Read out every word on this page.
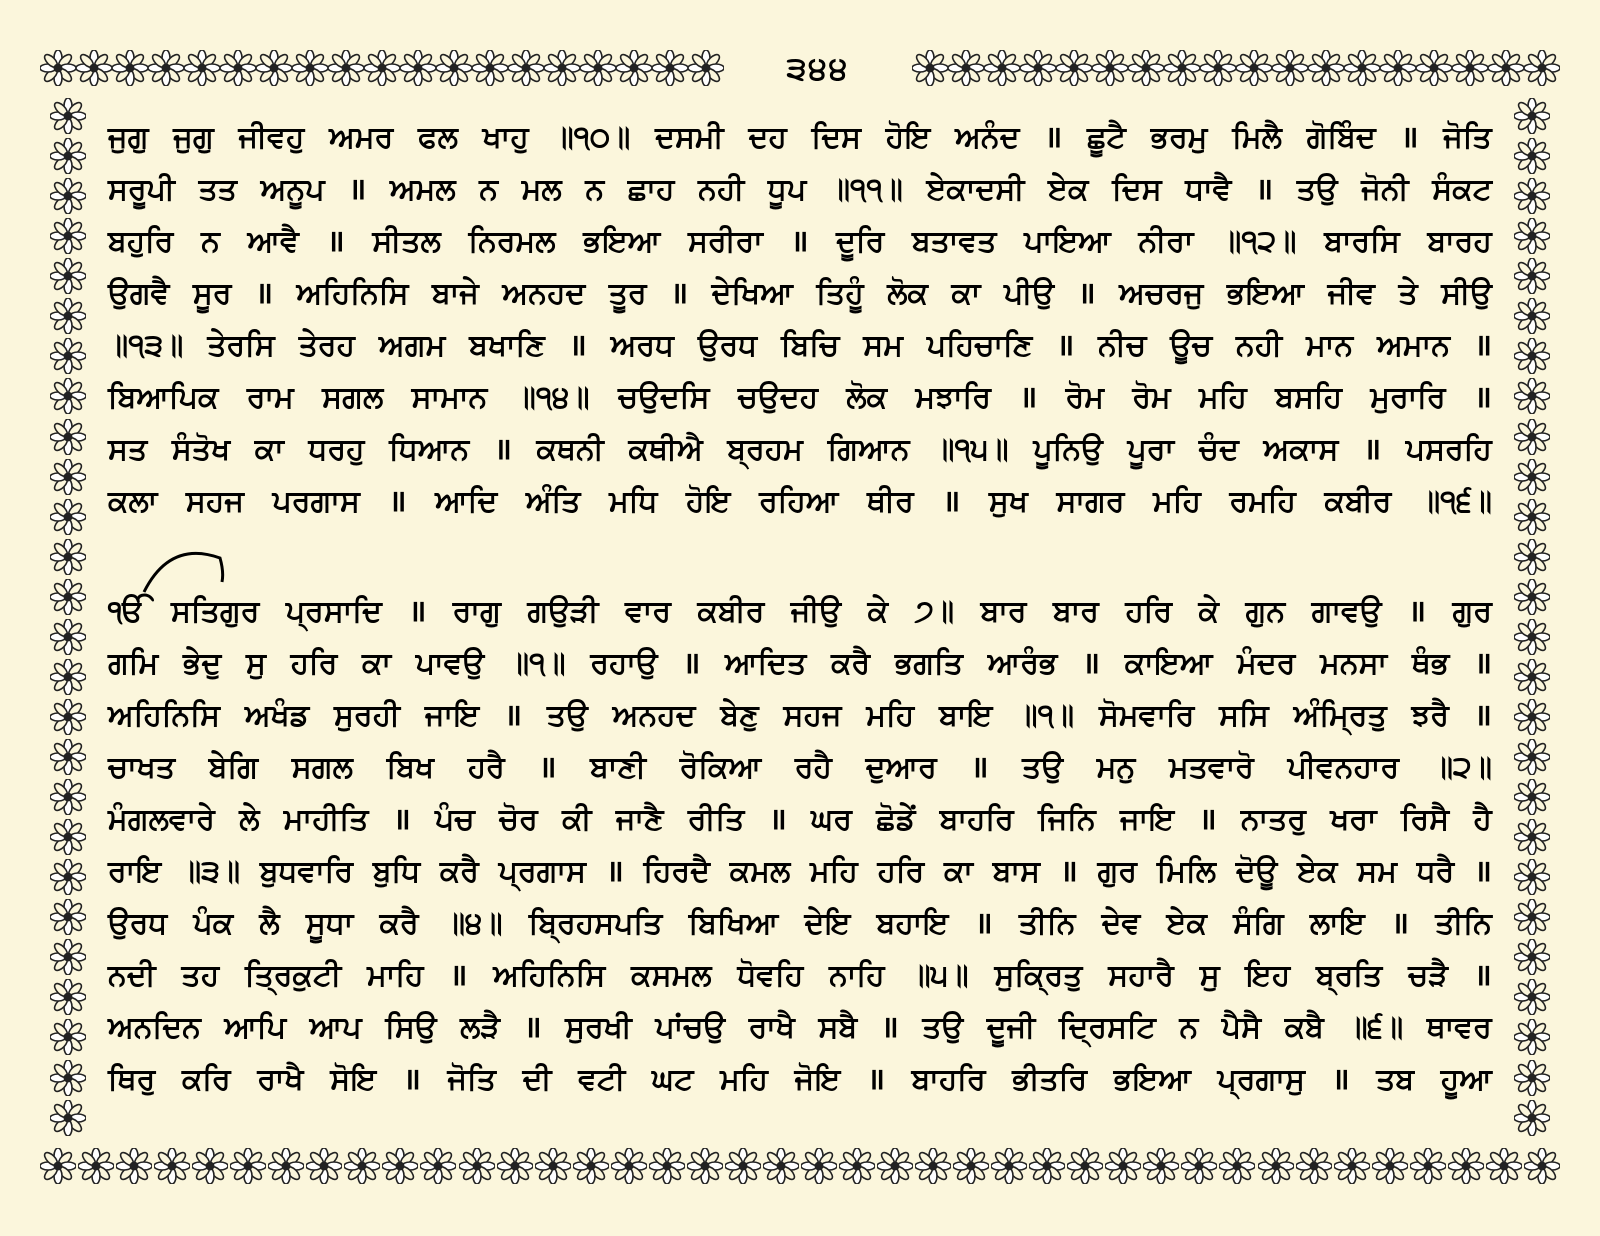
੩੪੪
ਜੁਗੁ ਜੁਗੁ ਜੀਵਹੁ ਅਮਰ ਫਲ ਖਾਹੁ ॥੧੦॥ ਦਸਮੀ ਦਹ ਦਿਸ ਹੋਇ ਅਨੰਦ ॥ ਛੂਟੈ ਭਰਮੁ ਮਿਲੈ ਗੋਬਿੰਦ ॥ ਜੋਤਿ
ਸਰੂਪੀ ਤਤ ਅਨੂਪ ॥ ਅਮਲ ਨ ਮਲ ਨ ਛਾਹ ਨਹੀ ਧੂਪ ॥੧੧॥ ਏਕਾਦਸੀ ਏਕ ਦਿਸ ਧਾਵੈ ॥ ਤਉ ਜੋਨੀ ਸੰਕਟ
ਬਹੁਰਿ ਨ ਆਵੈ ॥ ਸੀਤਲ ਨਿਰਮਲ ਭਇਆ ਸਰੀਰਾ ॥ ਦੂਰਿ ਬਤਾਵਤ ਪਾਇਆ ਨੀਰਾ ॥੧੨॥ ਬਾਰਸਿ ਬਾਰਹ
ਉਗਵੈ ਸੂਰ ॥ ਅਹਿਨਿਸਿ ਬਾਜੇ ਅਨਹਦ ਤੂਰ ॥ ਦੇਖਿਆ ਤਿਹੂੰ ਲੋਕ ਕਾ ਪੀਉ ॥ ਅਚਰਜੁ ਭਇਆ ਜੀਵ ਤੇ ਸੀਉ
॥੧੩॥ ਤੇਰਸਿ ਤੇਰਹ ਅਗਮ ਬਖਾਣਿ ॥ ਅਰਧ ਉਰਧ ਬਿਚਿ ਸਮ ਪਹਿਚਾਣਿ ॥ ਨੀਚ ਊਚ ਨਹੀ ਮਾਨ ਅਮਾਨ ॥
ਬਿਆਪਿਕ ਰਾਮ ਸਗਲ ਸਾਮਾਨ ॥੧੪॥ ਚਉਦਸਿ ਚਉਦਹ ਲੋਕ ਮਝਾਰਿ ॥ ਰੋਮ ਰੋਮ ਮਹਿ ਬਸਹਿ ਮੁਰਾਰਿ ॥
ਸਤ ਸੰਤੋਖ ਕਾ ਧਰਹੁ ਧਿਆਨ ॥ ਕਥਨੀ ਕਥੀਐ ਬ੍ਰਹਮ ਗਿਆਨ ॥੧੫॥ ਪੂਨਿਉ ਪੂਰਾ ਚੰਦ ਅਕਾਸ ॥ ਪਸਰਹਿ
ਕਲਾ ਸਹਜ ਪਰਗਾਸ ॥ ਆਦਿ ਅੰਤਿ ਮਧਿ ਹੋਇ ਰਹਿਆ ਥੀਰ ॥ ਸੁਖ ਸਾਗਰ ਮਹਿ ਰਮਹਿ ਕਬੀਰ ॥੧੬॥
ੴ ਸਤਿਗੁਰ ਪ੍ਰਸਾਦਿ ॥ ਰਾਗੁ ਗਉੜੀ ਵਾਰ ਕਬੀਰ ਜੀਉ ਕੇ ੭॥ ਬਾਰ ਬਾਰ ਹਰਿ ਕੇ ਗੁਨ ਗਾਵਉ ॥ ਗੁਰ
ਗਮਿ ਭੇਦੁ ਸੁ ਹਰਿ ਕਾ ਪਾਵਉ ॥੧॥ ਰਹਾਉ ॥ ਆਦਿਤ ਕਰੈ ਭਗਤਿ ਆਰੰਭ ॥ ਕਾਇਆ ਮੰਦਰ ਮਨਸਾ ਥੰਭ ॥
ਅਹਿਨਿਸਿ ਅਖੰਡ ਸੁਰਹੀ ਜਾਇ ॥ ਤਉ ਅਨਹਦ ਬੇਣੁ ਸਹਜ ਮਹਿ ਬਾਇ ॥੧॥ ਸੋਮਵਾਰਿ ਸਸਿ ਅੰਮ੍ਰਿਤੁ ਝਰੈ ॥
ਚਾਖਤ ਬੇਗਿ ਸਗਲ ਬਿਖ ਹਰੈ ॥ ਬਾਣੀ ਰੋਕਿਆ ਰਹੈ ਦੁਆਰ ॥ ਤਉ ਮਨੁ ਮਤਵਾਰੋ ਪੀਵਨਹਾਰ ॥੨॥
ਮੰਗਲਵਾਰੇ ਲੇ ਮਾਹੀਤਿ ॥ ਪੰਚ ਚੋਰ ਕੀ ਜਾਣੈ ਰੀਤਿ ॥ ਘਰ ਛੋਡੇਂ ਬਾਹਰਿ ਜਿਨਿ ਜਾਇ ॥ ਨਾਤਰੁ ਖਰਾ ਰਿਸੈ ਹੈ
ਰਾਇ ॥੩॥ ਬੁਧਵਾਰਿ ਬੁਧਿ ਕਰੈ ਪ੍ਰਗਾਸ ॥ ਹਿਰਦੈ ਕਮਲ ਮਹਿ ਹਰਿ ਕਾ ਬਾਸ ॥ ਗੁਰ ਮਿਲਿ ਦੋਊ ਏਕ ਸਮ ਧਰੈ ॥
ਉਰਧ ਪੰਕ ਲੈ ਸੂਧਾ ਕਰੈ ॥੪॥ ਬ੍ਰਿਹਸਪਤਿ ਬਿਖਿਆ ਦੇਇ ਬਹਾਇ ॥ ਤੀਨਿ ਦੇਵ ਏਕ ਸੰਗਿ ਲਾਇ ॥ ਤੀਨਿ
ਨਦੀ ਤਹ ਤ੍ਰਿਕੁਟੀ ਮਾਹਿ ॥ ਅਹਿਨਿਸਿ ਕਸਮਲ ਧੋਵਹਿ ਨਾਹਿ ॥੫॥ ਸੁਕ੍ਰਿਤੁ ਸਹਾਰੈ ਸੁ ਇਹ ਬ੍ਰਤਿ ਚੜੈ ॥
ਅਨਦਿਨ ਆਪਿ ਆਪ ਸਿਉ ਲੜੈ ॥ ਸੁਰਖੀ ਪਾਂਚਉ ਰਾਖੈ ਸਬੈ ॥ ਤਉ ਦੂਜੀ ਦ੍ਰਿਸਟਿ ਨ ਪੈਸੈ ਕਬੈ ॥੬॥ ਥਾਵਰ
ਥਿਰੁ ਕਰਿ ਰਾਖੈ ਸੋਇ ॥ ਜੋਤਿ ਦੀ ਵਟੀ ਘਟ ਮਹਿ ਜੋਇ ॥ ਬਾਹਰਿ ਭੀਤਰਿ ਭਇਆ ਪ੍ਰਗਾਸੁ ॥ ਤਬ ਹੂਆ
